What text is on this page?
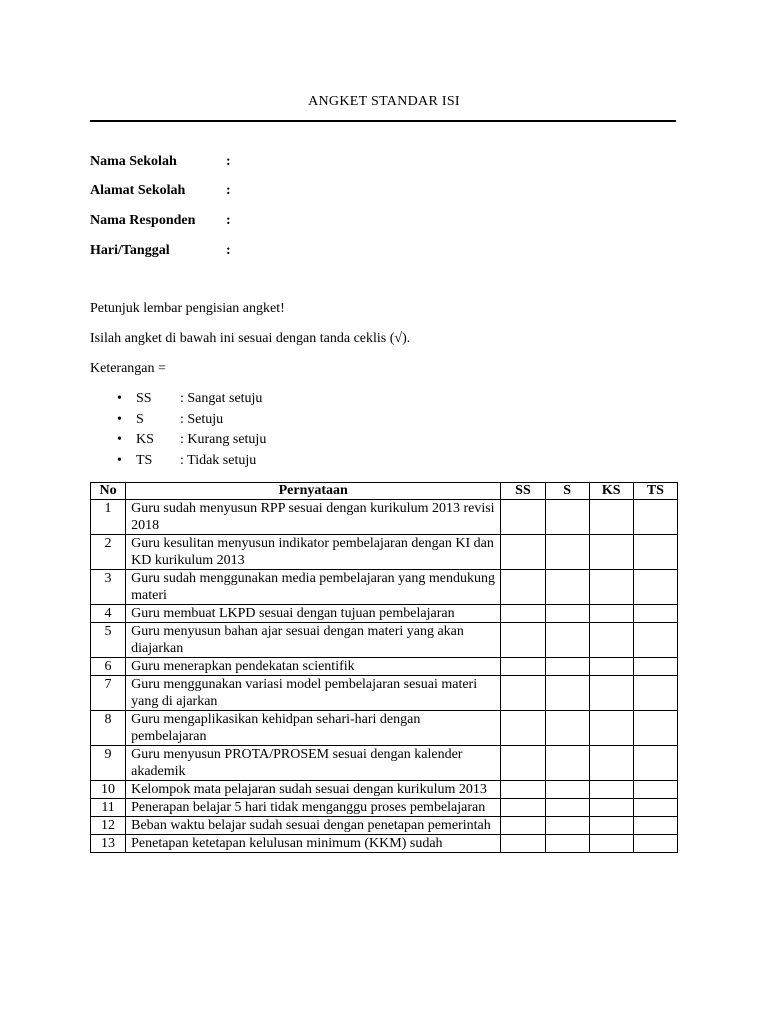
ANGKET STANDAR ISI
Nama Sekolah	:
Alamat Sekolah	:
Nama Responden :
Hari/Tanggal	:
Petunjuk lembar pengisian angket!
Isilah angket di bawah ini sesuai dengan tanda ceklis (√).
Keterangan =
• SS : Sangat setuju
• S	: Setuju
• KS : Kurang setuju
• TS : Tidak setuju
No	Pernyataan	SS	S	KS	TS
1	Guru sudah menyusun RPP sesuai dengan kurikulum 2013 revisi 2018				
2	Guru kesulitan menyusun indikator pembelajaran dengan KI dan KD kurikulum 2013				
3	Guru sudah menggunakan media pembelajaran yang mendukung materi				
4	Guru membuat LKPD sesuai dengan tujuan pembelajaran				
5	Guru menyusun bahan ajar sesuai dengan materi yang akan diajarkan				
6	Guru menerapkan pendekatan scientifik				
7	Guru menggunakan variasi model pembelajaran sesuai materi yang di ajarkan				
8	Guru mengaplikasikan kehidpan sehari-hari dengan pembelajaran				
9	Guru menyusun PROTA/PROSEM sesuai dengan kalender akademik				
10	Kelompok mata pelajaran sudah sesuai dengan kurikulum 2013				
11	Penerapan belajar 5 hari tidak menganggu proses pembelajaran				
12	Beban waktu belajar sudah sesuai dengan penetapan pemerintah				
13	Penetapan ketetapan kelulusan minimum (KKM) sudah				
